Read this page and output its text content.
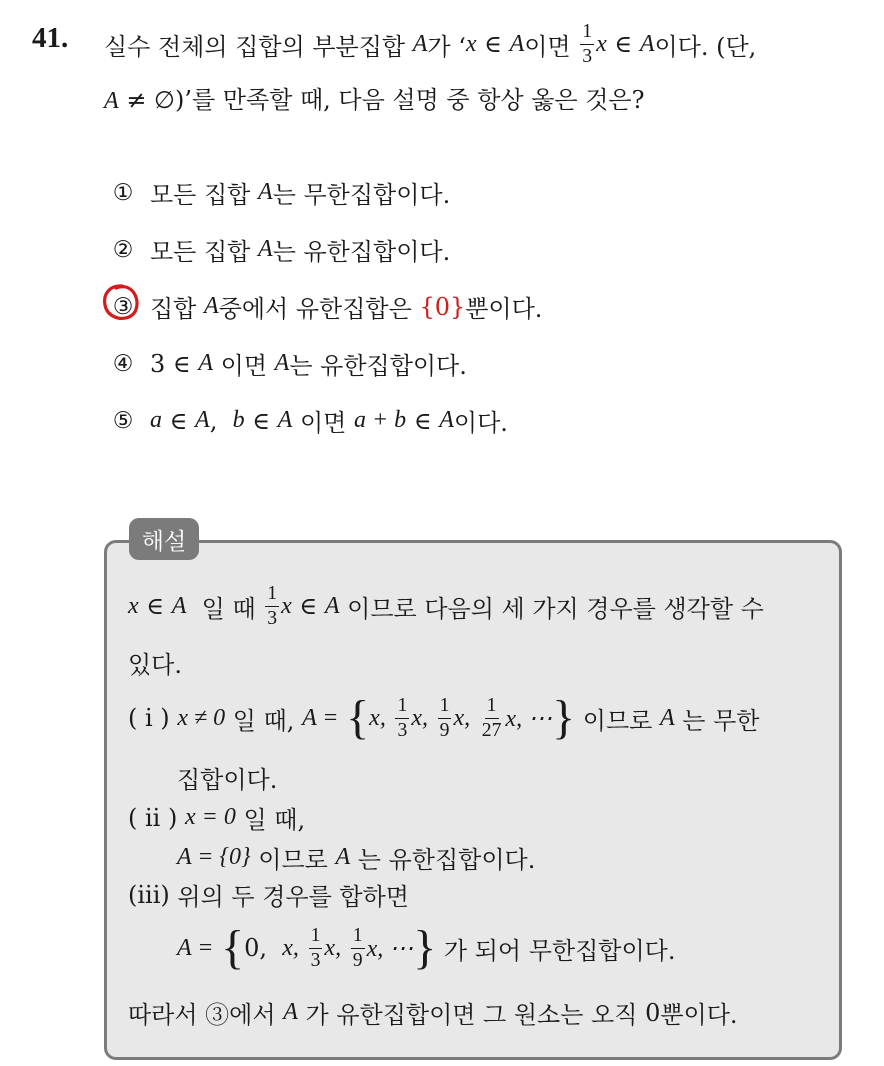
41. 실수 전체의 집합의 부분집합
A 가 ‘ x
∈
A 이면
$\frac{1}{3}$ x
∈
A 이다. (단,
A ≠ ∅)’를 만족할 때, 다음 설명 중 항상 옳은 것은?
① 모든 집합
A 는 무한집합이다.
② 모든 집합
A 는 유한집합이다.
③ 집합
A 중에서 유한집합은
{0} 뿐이다.
④ 3
∈
A
이면
A 는 유한집합이다.
⑤ a
∈
A , b
∈
A
이면
a + b
∈
A 이다.
해설
x
∈
A
일 때
$\frac{1}{3}$ x
∈
A
이므로 다음의 세 가지 경우를 생각할 수
있다.
( i )
x ≠ 0
일 때,
A =
{ x,
$\frac{1}{3} x$,
$\frac{1}{9} x$,
$\frac{1}{27} x$, ⋯ }
이므로
A
는 무한
집합이다.
( ii )
x = 0
일 때,
A = {0}
이므로
A
는 유한집합이다.
(iii)
위의 두 경우를 합하면
A =
{ 0,
x,
$\frac{1}{3} x$,
$\frac{1}{9} x$, ⋯ }
가 되어 무한집합이다.
따라서 ③에서
A
가 유한집합이면 그 원소는 오직
0 뿐이다.
